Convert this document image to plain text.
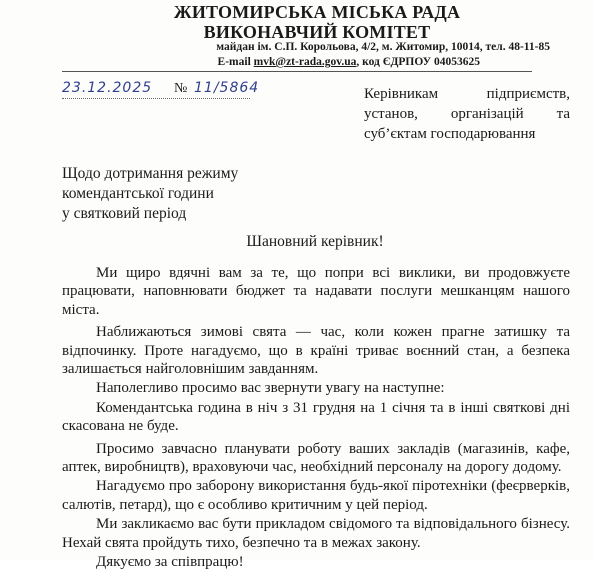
ЖИТОМИРСЬКА МІСЬКА РАДА
ВИКОНАВЧИЙ КОМІТЕТ
майдан ім. С.П. Корольова, 4/2, м. Житомир, 10014, тел. 48-11-85
E-mail mvk@zt-rada.gov.ua, код ЄДРПОУ 04053625
23.12.2025 № 11/5864	Керівникам підприємств,
установ, організацій та
суб’єктам господарювання
Щодо дотримання режиму
комендантської години
у святковий період
Шановний керівник!

Ми щиро вдячні вам за те, що попри всі виклики, ви продовжуєте працювати, наповнювати бюджет та надавати послуги мешканцям нашого міста.

Наближаються зимові свята — час, коли кожен прагне затишку та відпочинку. Проте нагадуємо, що в країні триває воєнний стан, а безпека залишається найголовнішим завданням.

Наполегливо просимо вас звернути увагу на наступне:

Комендантська година в ніч з 31 грудня на 1 січня та в інші святкові дні скасована не буде.

Просимо завчасно планувати роботу ваших закладів (магазинів, кафе, аптек, виробництв), враховуючи час, необхідний персоналу на дорогу додому.

Нагадуємо про заборону використання будь-якої піротехніки (феєрверків, салютів, петард), що є особливо критичним у цей період.

Ми закликаємо вас бути прикладом свідомого та відповідального бізнесу. Нехай свята пройдуть тихо, безпечно та в межах закону.

Дякуємо за співпрацю!
